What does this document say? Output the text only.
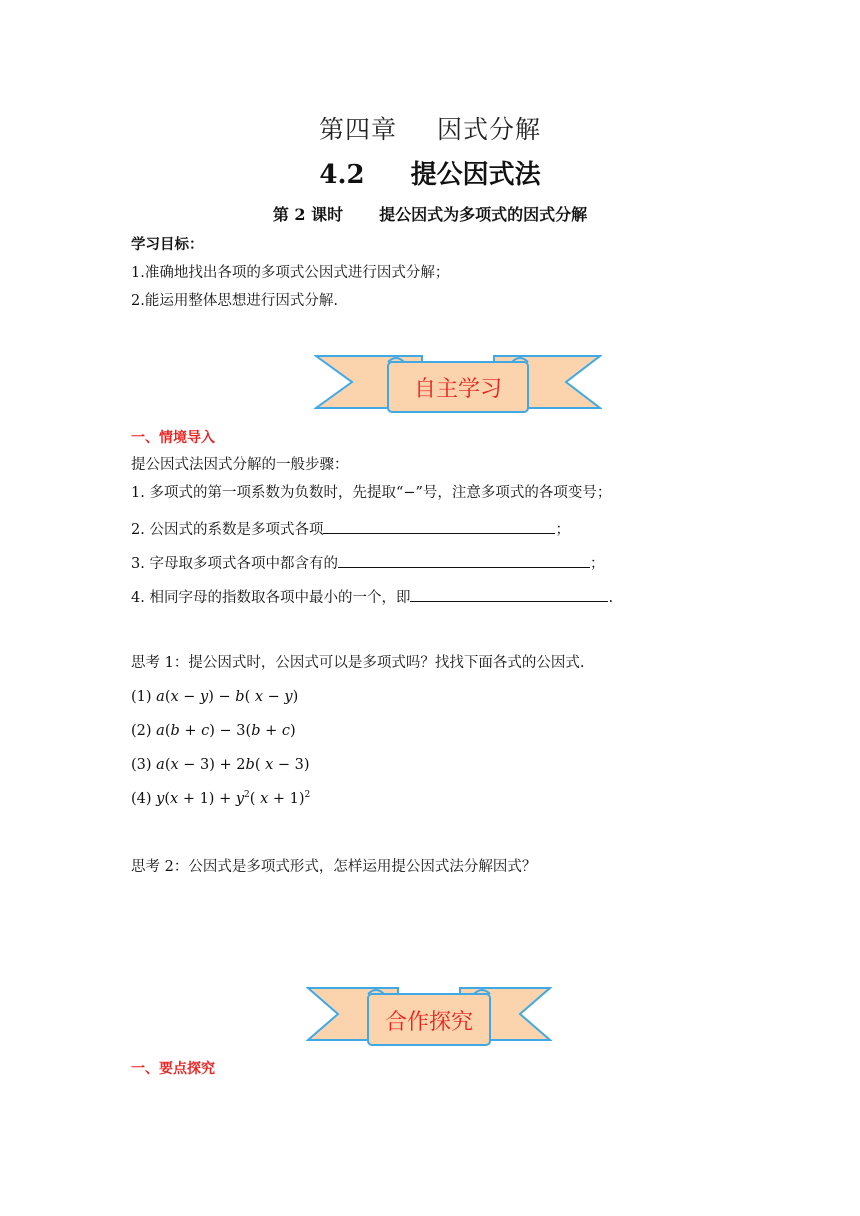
第四章 因式分解
4.2 提公因式法
第 2 课时 提公因式为多项式的因式分解
学习目标：
1.准确地找出各项的多项式公因式进行因式分解；
2.能运用整体思想进行因式分解.
自主学习
一、情境导入
提公因式法因式分解的一般步骤：
1. 多项式的第一项系数为负数时，先提取“−”号，注意多项式的各项变号；
2. 公因式的系数是多项式各项	；
3. 字母取多项式各项中都含有的	；
4. 相同字母的指数取各项中最小的一个，即	.
思考 1：提公因式时，公因式可以是多项式吗？找找下面各式的公因式.
(1) a(x − y) − b( x − y)
(2) a(b + c) − 3(b + c)
(3) a(x − 3) + 2b( x − 3)
(4) $y(x + 1) + y^2$( x + 1)$^2$
思考 2：公因式是多项式形式，怎样运用提公因式法分解因式？
合作探究
一、要点探究
